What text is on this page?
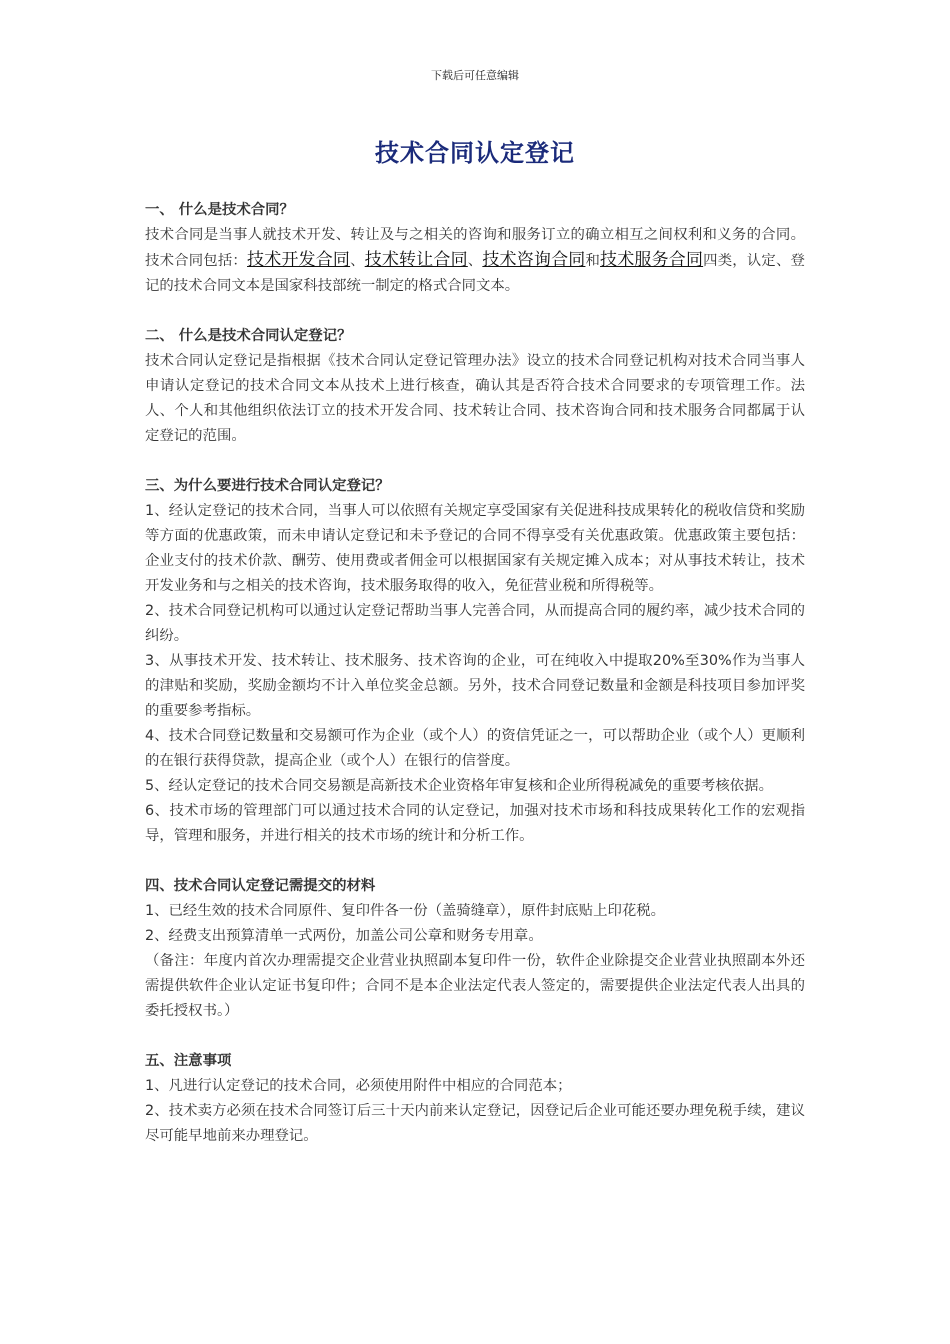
下载后可任意编辑
技术合同认定登记
一、 什么是技术合同？

技术合同是当事人就技术开发、转让及与之相关的咨询和服务订立的确立相互之间权利和义务的合同。技术合同包括：技术开发合同、技术转让合同、技术咨询合同和技术服务合同四类，认定、登记的技术合同文本是国家科技部统一制定的格式合同文本。

二、 什么是技术合同认定登记？

技术合同认定登记是指根据《技术合同认定登记管理办法》设立的技术合同登记机构对技术合同当事人申请认定登记的技术合同文本从技术上进行核查，确认其是否符合技术合同要求的专项管理工作。法人、个人和其他组织依法订立的技术开发合同、技术转让合同、技术咨询合同和技术服务合同都属于认定登记的范围。

三、为什么要进行技术合同认定登记？

1、经认定登记的技术合同，当事人可以依照有关规定享受国家有关促进科技成果转化的税收信贷和奖励等方面的优惠政策，而未申请认定登记和未予登记的合同不得享受有关优惠政策。优惠政策主要包括：企业支付的技术价款、酬劳、使用费或者佣金可以根据国家有关规定摊入成本；对从事技术转让，技术开发业务和与之相关的技术咨询，技术服务取得的收入，免征营业税和所得税等。

2、技术合同登记机构可以通过认定登记帮助当事人完善合同，从而提高合同的履约率，减少技术合同的纠纷。

3、从事技术开发、技术转让、技术服务、技术咨询的企业，可在纯收入中提取20%至30%作为当事人的津贴和奖励，奖励金额均不计入单位奖金总额。另外，技术合同登记数量和金额是科技项目参加评奖的重要参考指标。

4、技术合同登记数量和交易额可作为企业（或个人）的资信凭证之一，可以帮助企业（或个人）更顺利的在银行获得贷款，提高企业（或个人）在银行的信誉度。

5、经认定登记的技术合同交易额是高新技术企业资格年审复核和企业所得税减免的重要考核依据。

6、技术市场的管理部门可以通过技术合同的认定登记，加强对技术市场和科技成果转化工作的宏观指导，管理和服务，并进行相关的技术市场的统计和分析工作。

四、技术合同认定登记需提交的材料

1、已经生效的技术合同原件、复印件各一份（盖骑缝章），原件封底贴上印花税。

2、经费支出预算清单一式两份，加盖公司公章和财务专用章。

（备注：年度内首次办理需提交企业营业执照副本复印件一份，软件企业除提交企业营业执照副本外还需提供软件企业认定证书复印件；合同不是本企业法定代表人签定的，需要提供企业法定代表人出具的委托授权书。）

五、注意事项

1、凡进行认定登记的技术合同，必须使用附件中相应的合同范本；

2、技术卖方必须在技术合同签订后三十天内前来认定登记，因登记后企业可能还要办理免税手续，建议尽可能早地前来办理登记。
